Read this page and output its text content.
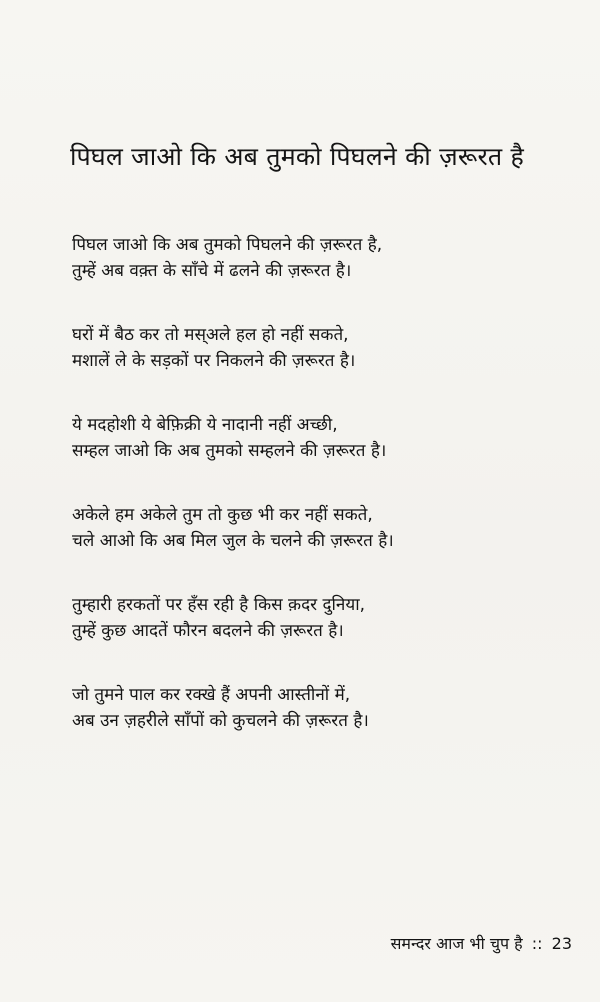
पिघल जाओ कि अब तुमको पिघलने की ज़रूरत है
पिघल जाओ कि अब तुमको पिघलने की ज़रूरत है,
तुम्हें अब वक़्त के साँचे में ढलने की ज़रूरत है।
घरों में बैठ कर तो मस्अले हल हो नहीं सकते,
मशालें ले के सड़कों पर निकलने की ज़रूरत है।
ये मदहोशी ये बेफ़िक्री ये नादानी नहीं अच्छी,
सम्हल जाओ कि अब तुमको सम्हलने की ज़रूरत है।
अकेले हम अकेले तुम तो कुछ भी कर नहीं सकते,
चले आओ कि अब मिल जुल के चलने की ज़रूरत है।
तुम्हारी हरकतों पर हँस रही है किस क़दर दुनिया,
तुम्हें कुछ आदतें फौरन बदलने की ज़रूरत है।
जो तुमने पाल कर रक्खे हैं अपनी आस्तीनों में,
अब उन ज़हरीले साँपों को कुचलने की ज़रूरत है।
समन्दर आज भी चुप है :: 23
